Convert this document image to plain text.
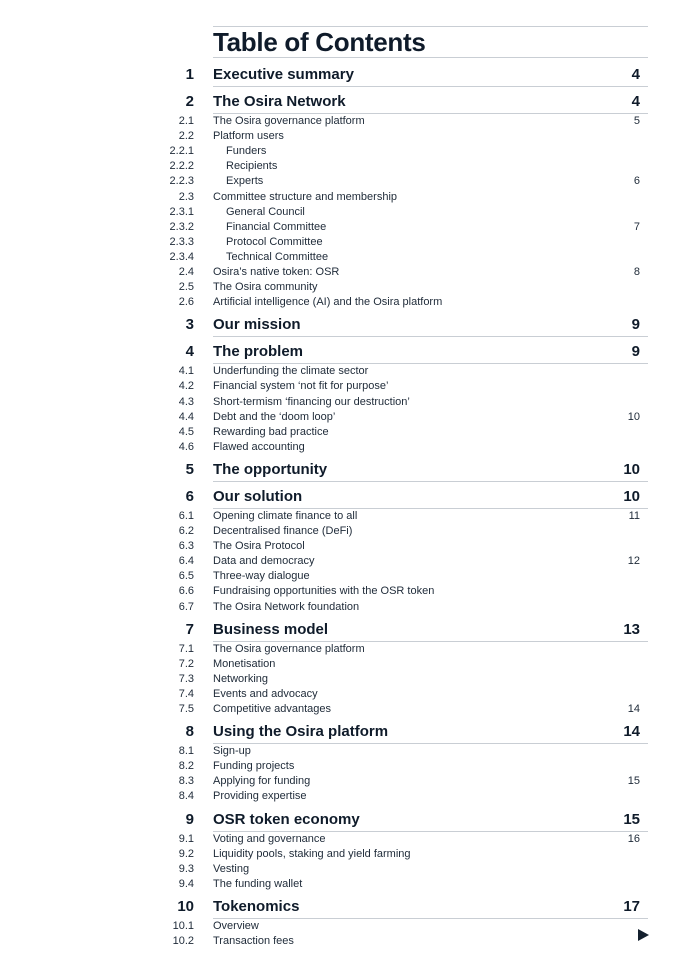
Table of Contents
1 Executive summary	4
2 The Osira Network	4
2.1 The Osira governance platform	5
2.2 Platform users
2.2.1	Funders
2.2.2	Recipients
2.2.3	Experts	6
2.3 Committee structure and membership
2.3.1	General Council
2.3.2	Financial Committee	7
2.3.3	Protocol Committee
2.3.4	Technical Committee
2.4 Osira’s native token: OSR	8
2.5 The Osira community
2.6 Artificial intelligence (AI) and the Osira platform
3 Our mission	9
4 The problem	9
4.1 Underfunding the climate sector
4.2 Financial system ‘not fit for purpose’
4.3 Short-termism ‘financing our destruction’
4.4 Debt and the ‘doom loop’	10
4.5 Rewarding bad practice
4.6 Flawed accounting
5 The opportunity	10
6 Our solution	10
6.1 Opening climate finance to all	11
6.2 Decentralised finance (DeFi)
6.3 The Osira Protocol
6.4 Data and democracy	12
6.5 Three-way dialogue
6.6 Fundraising opportunities with the OSR token
6.7 The Osira Network foundation
7 Business model	13
7.1 The Osira governance platform
7.2 Monetisation
7.3 Networking
7.4 Events and advocacy
7.5 Competitive advantages	14
8 Using the Osira platform	14
8.1 Sign-up
8.2 Funding projects
8.3 Applying for funding	15
8.4 Providing expertise
9 OSR token economy	15
9.1 Voting and governance	16
9.2 Liquidity pools, staking and yield farming
9.3 Vesting
9.4 The funding wallet
10 Tokenomics	17
10.1 Overview
10.2 Transaction fees
